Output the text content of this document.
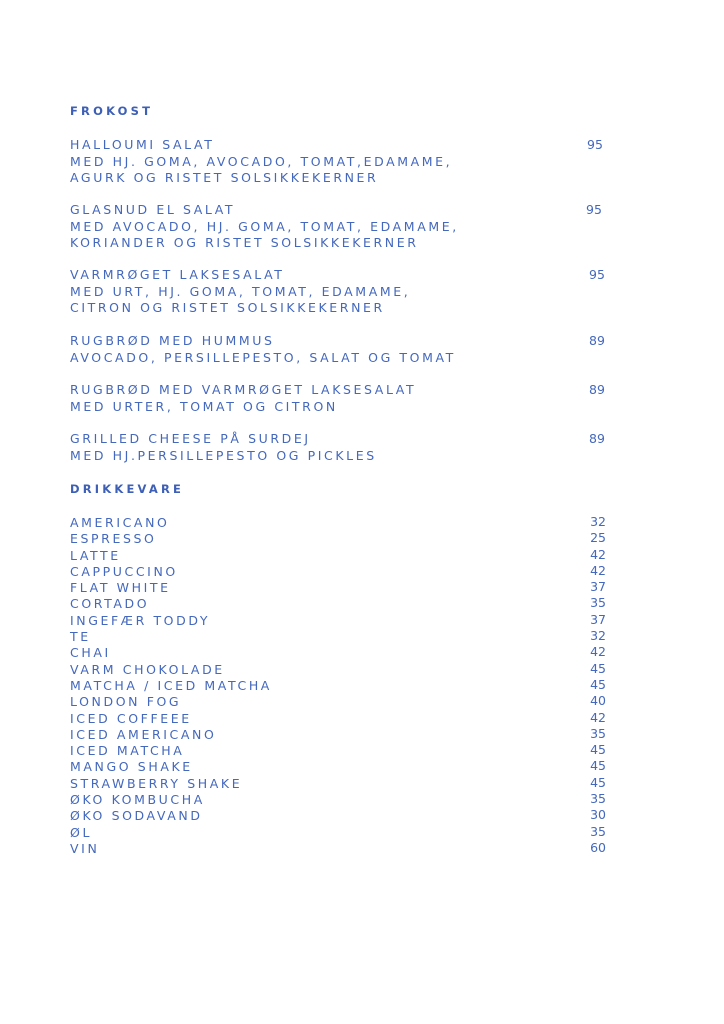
FROKOST
HALLOUMI SALAT
MED HJ. GOMA, AVOCADO, TOMAT,EDAMAME,
AGURK OG RISTET SOLSIKKEKERNER
95
GLASNUD EL SALAT
MED AVOCADO, HJ. GOMA, TOMAT, EDAMAME,
KORIANDER OG RISTET SOLSIKKEKERNER
95
VARMRØGET LAKSESALAT
MED URT, HJ. GOMA, TOMAT, EDAMAME,
CITRON OG RISTET SOLSIKKEKERNER
95
RUGBRØD MED HUMMUS
AVOCADO, PERSILLEPESTO, SALAT OG TOMAT
89
RUGBRØD MED VARMRØGET LAKSESALAT
MED URTER, TOMAT OG CITRON
89
GRILLED CHEESE PÅ SURDEJ
MED HJ.PERSILLEPESTO OG PICKLES
89
DRIKKEVARE
AMERICANO	32
ESPRESSO	25
LATTE	42
CAPPUCCINO	42
FLAT WHITE	37
CORTADO	35
INGEFÆR TODDY	37
TE	32
CHAI	42
VARM CHOKOLADE	45
MATCHA / ICED MATCHA	45
LONDON FOG	40
ICED COFFEEE	42
ICED AMERICANO	35
ICED MATCHA	45
MANGO SHAKE	45
STRAWBERRY SHAKE	45
ØKO KOMBUCHA	35
ØKO SODAVAND	30
ØL	35
VIN	60
